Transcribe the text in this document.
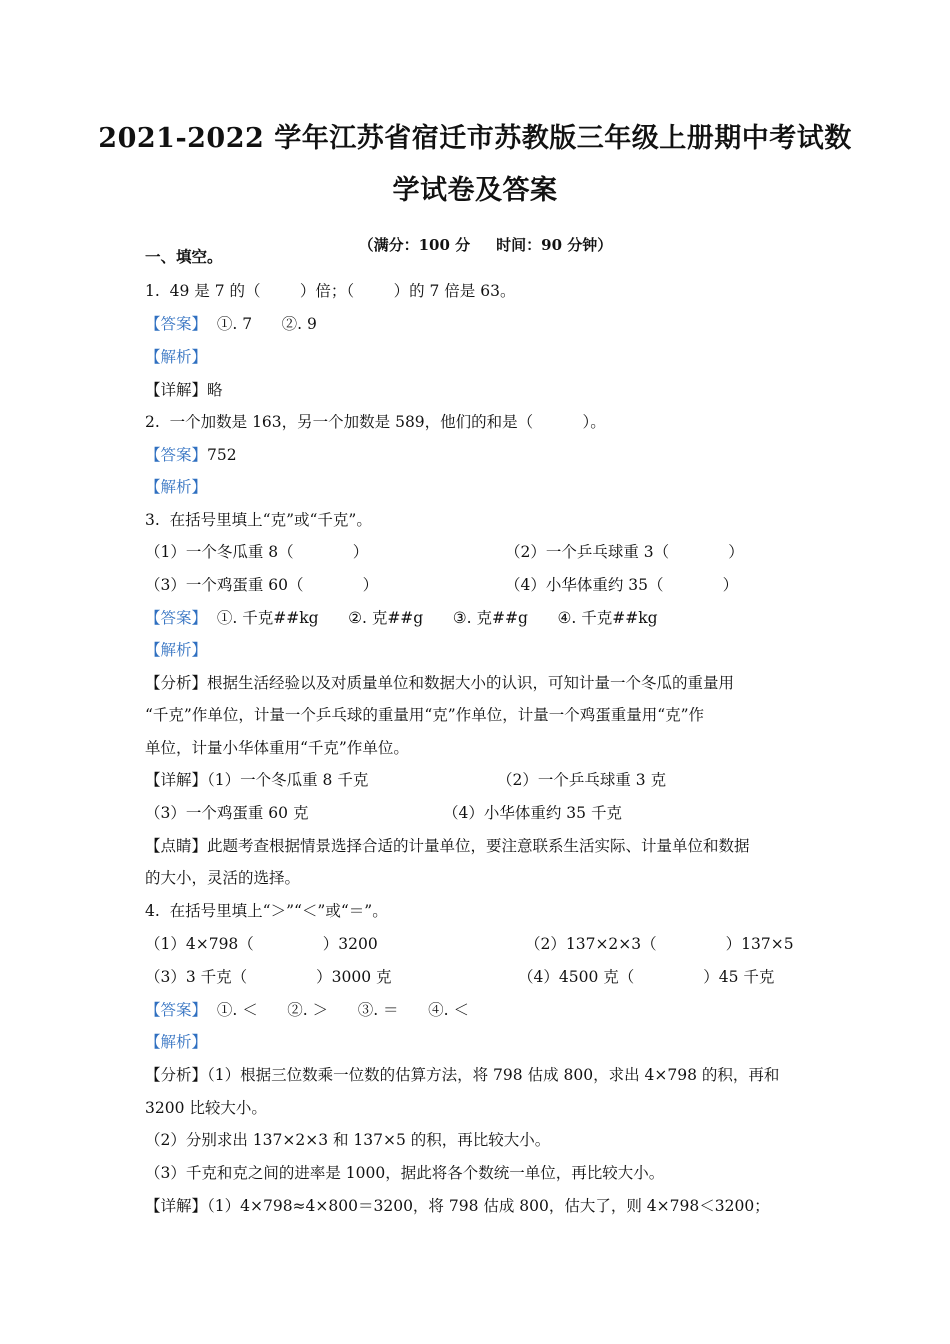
2021-2022 学年江苏省宿迁市苏教版三年级上册期中考试数
学试卷及答案

（满分：100 分 时间：90 分钟）

一、填空。
1.  49 是 7 的（        ）倍；（        ）的 7 倍是 63。
【答案】  ①. 7      ②. 9
【解析】
【详解】略
2.  一个加数是 163，另一个加数是 589，他们的和是（          ）。
【答案】752
【解析】
3.  在括号里填上“克”或“千克”。
（1）一个冬瓜重 8（            ）	（2）一个乒乓球重 3（            ）
（3）一个鸡蛋重 60（            ）	（4）小华体重约 35（            ）
【答案】  ①. 千克##kg      ②. 克##g      ③. 克##g      ④. 千克##kg
【解析】
【分析】根据生活经验以及对质量单位和数据大小的认识，可知计量一个冬瓜的重量用
“千克”作单位，计量一个乒乓球的重量用“克”作单位，计量一个鸡蛋重量用“克”作
单位，计量小华体重用“千克”作单位。
【详解】（1）一个冬瓜重 8 千克	（2）一个乒乓球重 3 克
（3）一个鸡蛋重 60 克	（4）小华体重约 35 千克
【点睛】此题考查根据情景选择合适的计量单位，要注意联系生活实际、计量单位和数据
的大小，灵活的选择。
4.  在括号里填上“＞”“＜”或“＝”。
（1）4×798（              ）3200	（2）137×2×3（              ）137×5
（3）3 千克（              ）3000 克	（4）4500 克（              ）45 千克
【答案】  ①. ＜      ②. ＞      ③. ＝      ④. ＜
【解析】
【分析】（1）根据三位数乘一位数的估算方法，将 798 估成 800，求出 4×798 的积，再和
3200 比较大小。
（2）分别求出 137×2×3 和 137×5 的积，再比较大小。
（3）千克和克之间的进率是 1000，据此将各个数统一单位，再比较大小。
【详解】（1）4×798≈4×800＝3200，将 798 估成 800，估大了，则 4×798＜3200；
